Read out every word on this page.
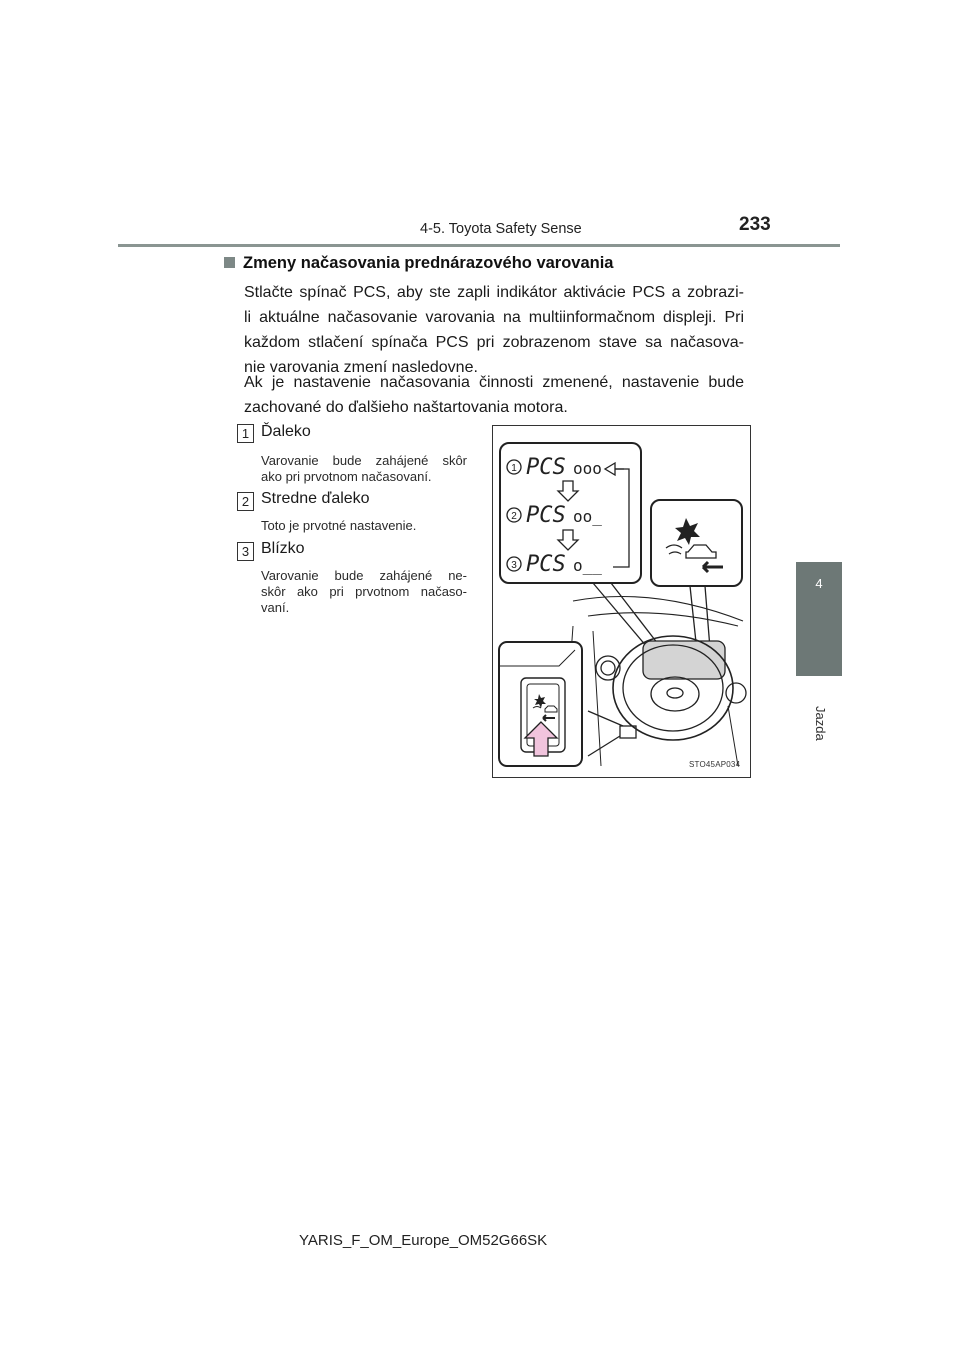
4-5. Toyota Safety Sense	233
4
Jazda
Zmeny načasovania prednárazového varovania
Stlačte spínač PCS, aby ste zapli indikátor aktivácie PCS a zobrazi-
li aktuálne načasovanie varovania na multiinformačnom displeji. Pri
každom stlačení spínača PCS pri zobrazenom stave sa načasova-
nie varovania zmení nasledovne.
Ak je nastavenie načasovania činnosti zmenené, nastavenie bude
zachované do ďalšieho naštartovania motora.
1 Ďaleko
Varovanie bude zahájené skôr
ako pri prvotnom načasovaní.
2 Stredne ďaleko
Toto je prvotné nastavenie.
3 Blízko
Varovanie bude zahájené ne-
skôr ako pri prvotnom načaso-
vaní.
1 PCS ooo
2 PCS oo_
3 PCS o__
STO45AP034
YARIS_F_OM_Europe_OM52G66SK
